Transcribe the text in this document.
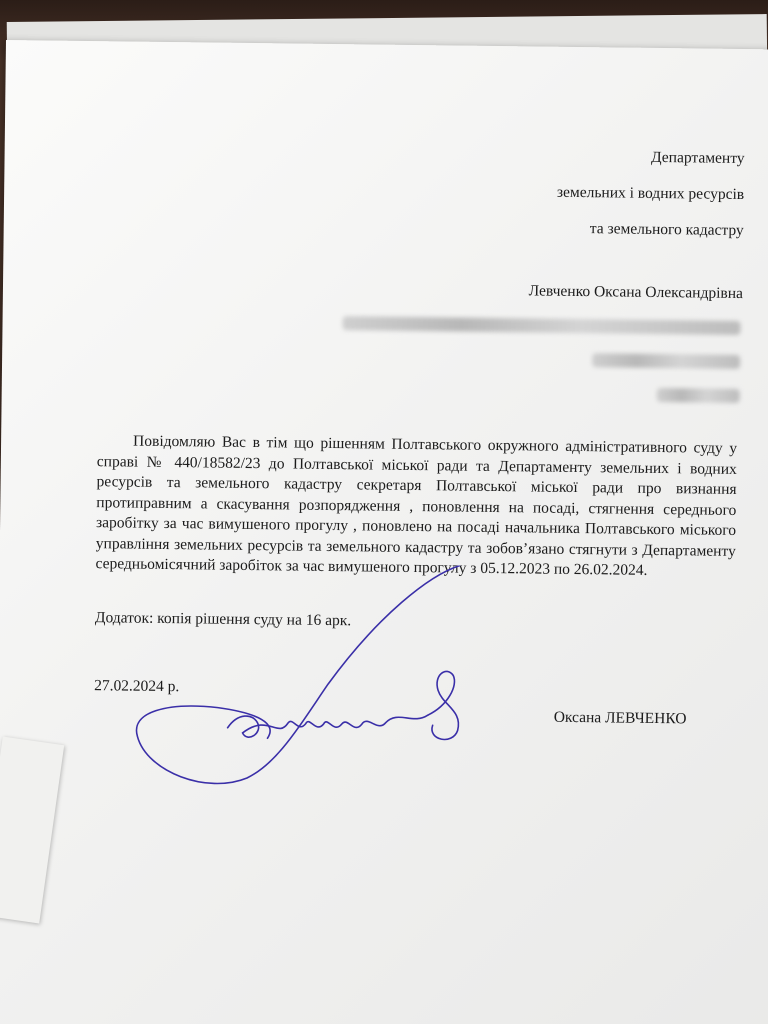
Департаменту
земельних і водних ресурсів
та земельного кадастру
Левченко Оксана Олександрівна
Повідомляю Вас в тім що рішенням Полтавського окружного адміністративного суду у справі № 440/18582/23 до Полтавської міської ради та Департаменту земельних і водних ресурсів та земельного кадастру секретаря Полтавської міської ради про визнання протиправним а скасування розпорядження , поновлення на посаді, стягнення середнього заробітку за час вимушеного прогулу , поновлено на посаді начальника Полтавського міського управління земельних ресурсів та земельного кадастру та зобов’язано стягнути з Департаменту середньомісячний заробіток за час вимушеного прогулу з 05.12.2023 по 26.02.2024.
Додаток: копія рішення суду на 16 арк.
27.02.2024 р.
Оксана ЛЕВЧЕНКО
